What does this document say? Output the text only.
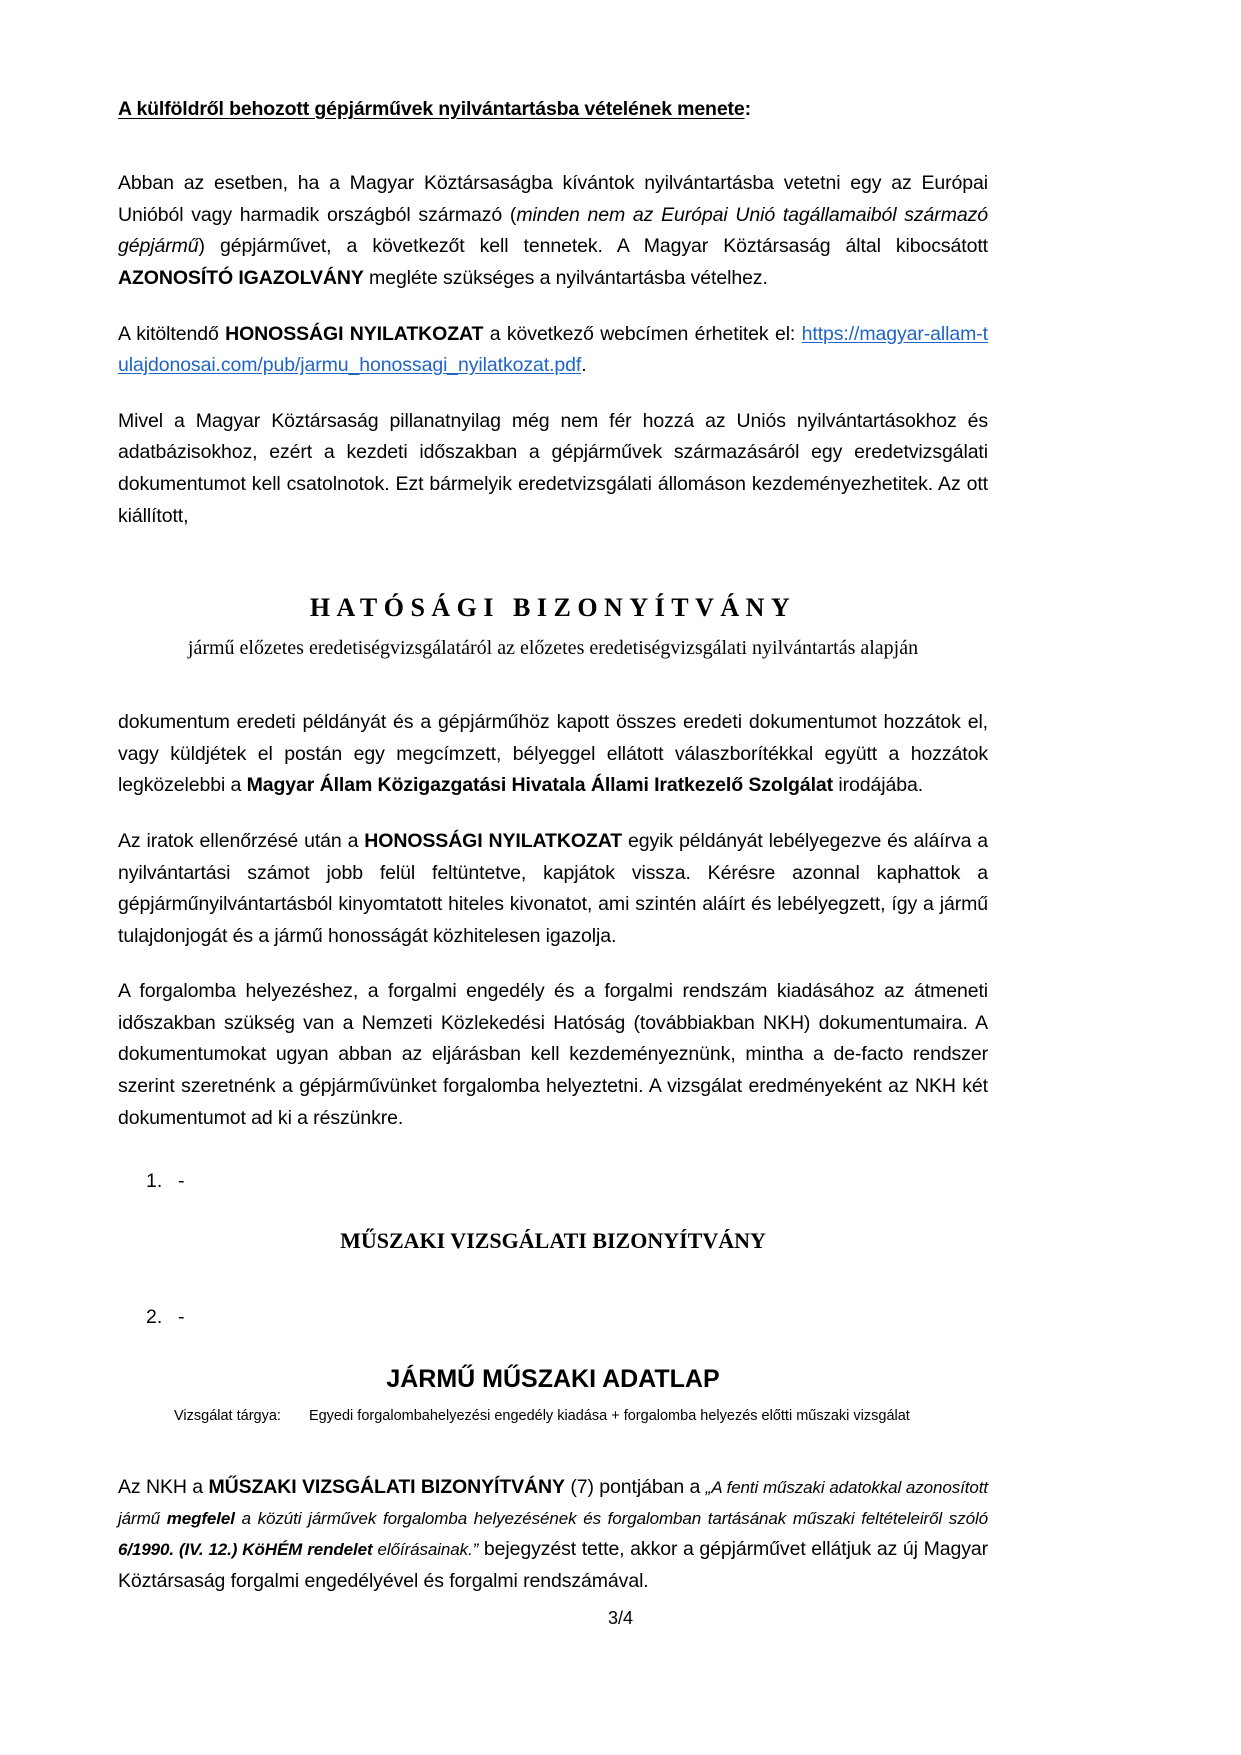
A külföldről behozott gépjárművek nyilvántartásba vételének menete:

Abban az esetben, ha a Magyar Köztársaságba kívántok nyilvántartásba vetetni egy az Európai Unióból vagy harmadik országból származó (minden nem az Európai Unió tagállamaiból származó gépjármű) gépjárművet, a következőt kell tennetek. A Magyar Köztársaság által kibocsátott AZONOSÍTÓ IGAZOLVÁNY megléte szükséges a nyilvántartásba vételhez.

A kitöltendő HONOSSÁGI NYILATKOZAT a következő webcímen érhetitek el: https://magyar-allam-tulajdonosai.com/pub/jarmu_honossagi_nyilatkozat.pdf.

Mivel a Magyar Köztársaság pillanatnyilag még nem fér hozzá az Uniós nyilvántartásokhoz és adatbázisokhoz, ezért a kezdeti időszakban a gépjárművek származásáról egy eredetvizsgálati dokumentumot kell csatolnotok. Ezt bármelyik eredetvizsgálati állomáson kezdeményezhetitek. Az ott kiállított,

HATÓSÁGI BIZONYÍTVÁNY

jármű előzetes eredetiségvizsgálatáról az előzetes eredetiségvizsgálati nyilvántartás alapján

dokumentum eredeti példányát és a gépjárműhöz kapott összes eredeti dokumentumot hozzátok el, vagy küldjétek el postán egy megcímzett, bélyeggel ellátott válaszborítékkal együtt a hozzátok legközelebbi a Magyar Állam Közigazgatási Hivatala Állami Iratkezelő Szolgálat irodájába.

Az iratok ellenőrzésé után a HONOSSÁGI NYILATKOZAT egyik példányát lebélyegezve és aláírva a nyilvántartási számot jobb felül feltüntetve, kapjátok vissza. Kérésre azonnal kaphattok a gépjárműnyilvántartásból kinyomtatott hiteles kivonatot, ami szintén aláírt és lebélyegzett, így a jármű tulajdonjogát és a jármű honosságát közhitelesen igazolja.

A forgalomba helyezéshez, a forgalmi engedély és a forgalmi rendszám kiadásához az átmeneti időszakban szükség van a Nemzeti Közlekedési Hatóság (továbbiakban NKH) dokumentumaira. A dokumentumokat ugyan abban az eljárásban kell kezdeményeznünk, mintha a de-facto rendszer szerint szeretnénk a gépjárművünket forgalomba helyeztetni. A vizsgálat eredményeként az NKH két dokumentumot ad ki a részünkre.

1. -

MŰSZAKI VIZSGÁLATI BIZONYÍTVÁNY

2. -

JÁRMŰ MŰSZAKI ADATLAP

Vizsgálat tárgya: Egyedi forgalombahelyezési engedély kiadása + forgalomba helyezés előtti műszaki vizsgálat

Az NKH a MŰSZAKI VIZSGÁLATI BIZONYÍTVÁNY (7) pontjában a „A fenti műszaki adatokkal azonosított jármű megfelel a közúti járművek forgalomba helyezésének és forgalomban tartásának műszaki feltételeiről szóló 6/1990. (IV. 12.) KöHÉM rendelet előírásainak.” bejegyzést tette, akkor a gépjárművet ellátjuk az új Magyar Köztársaság forgalmi engedélyével és forgalmi rendszámával.

3/4
